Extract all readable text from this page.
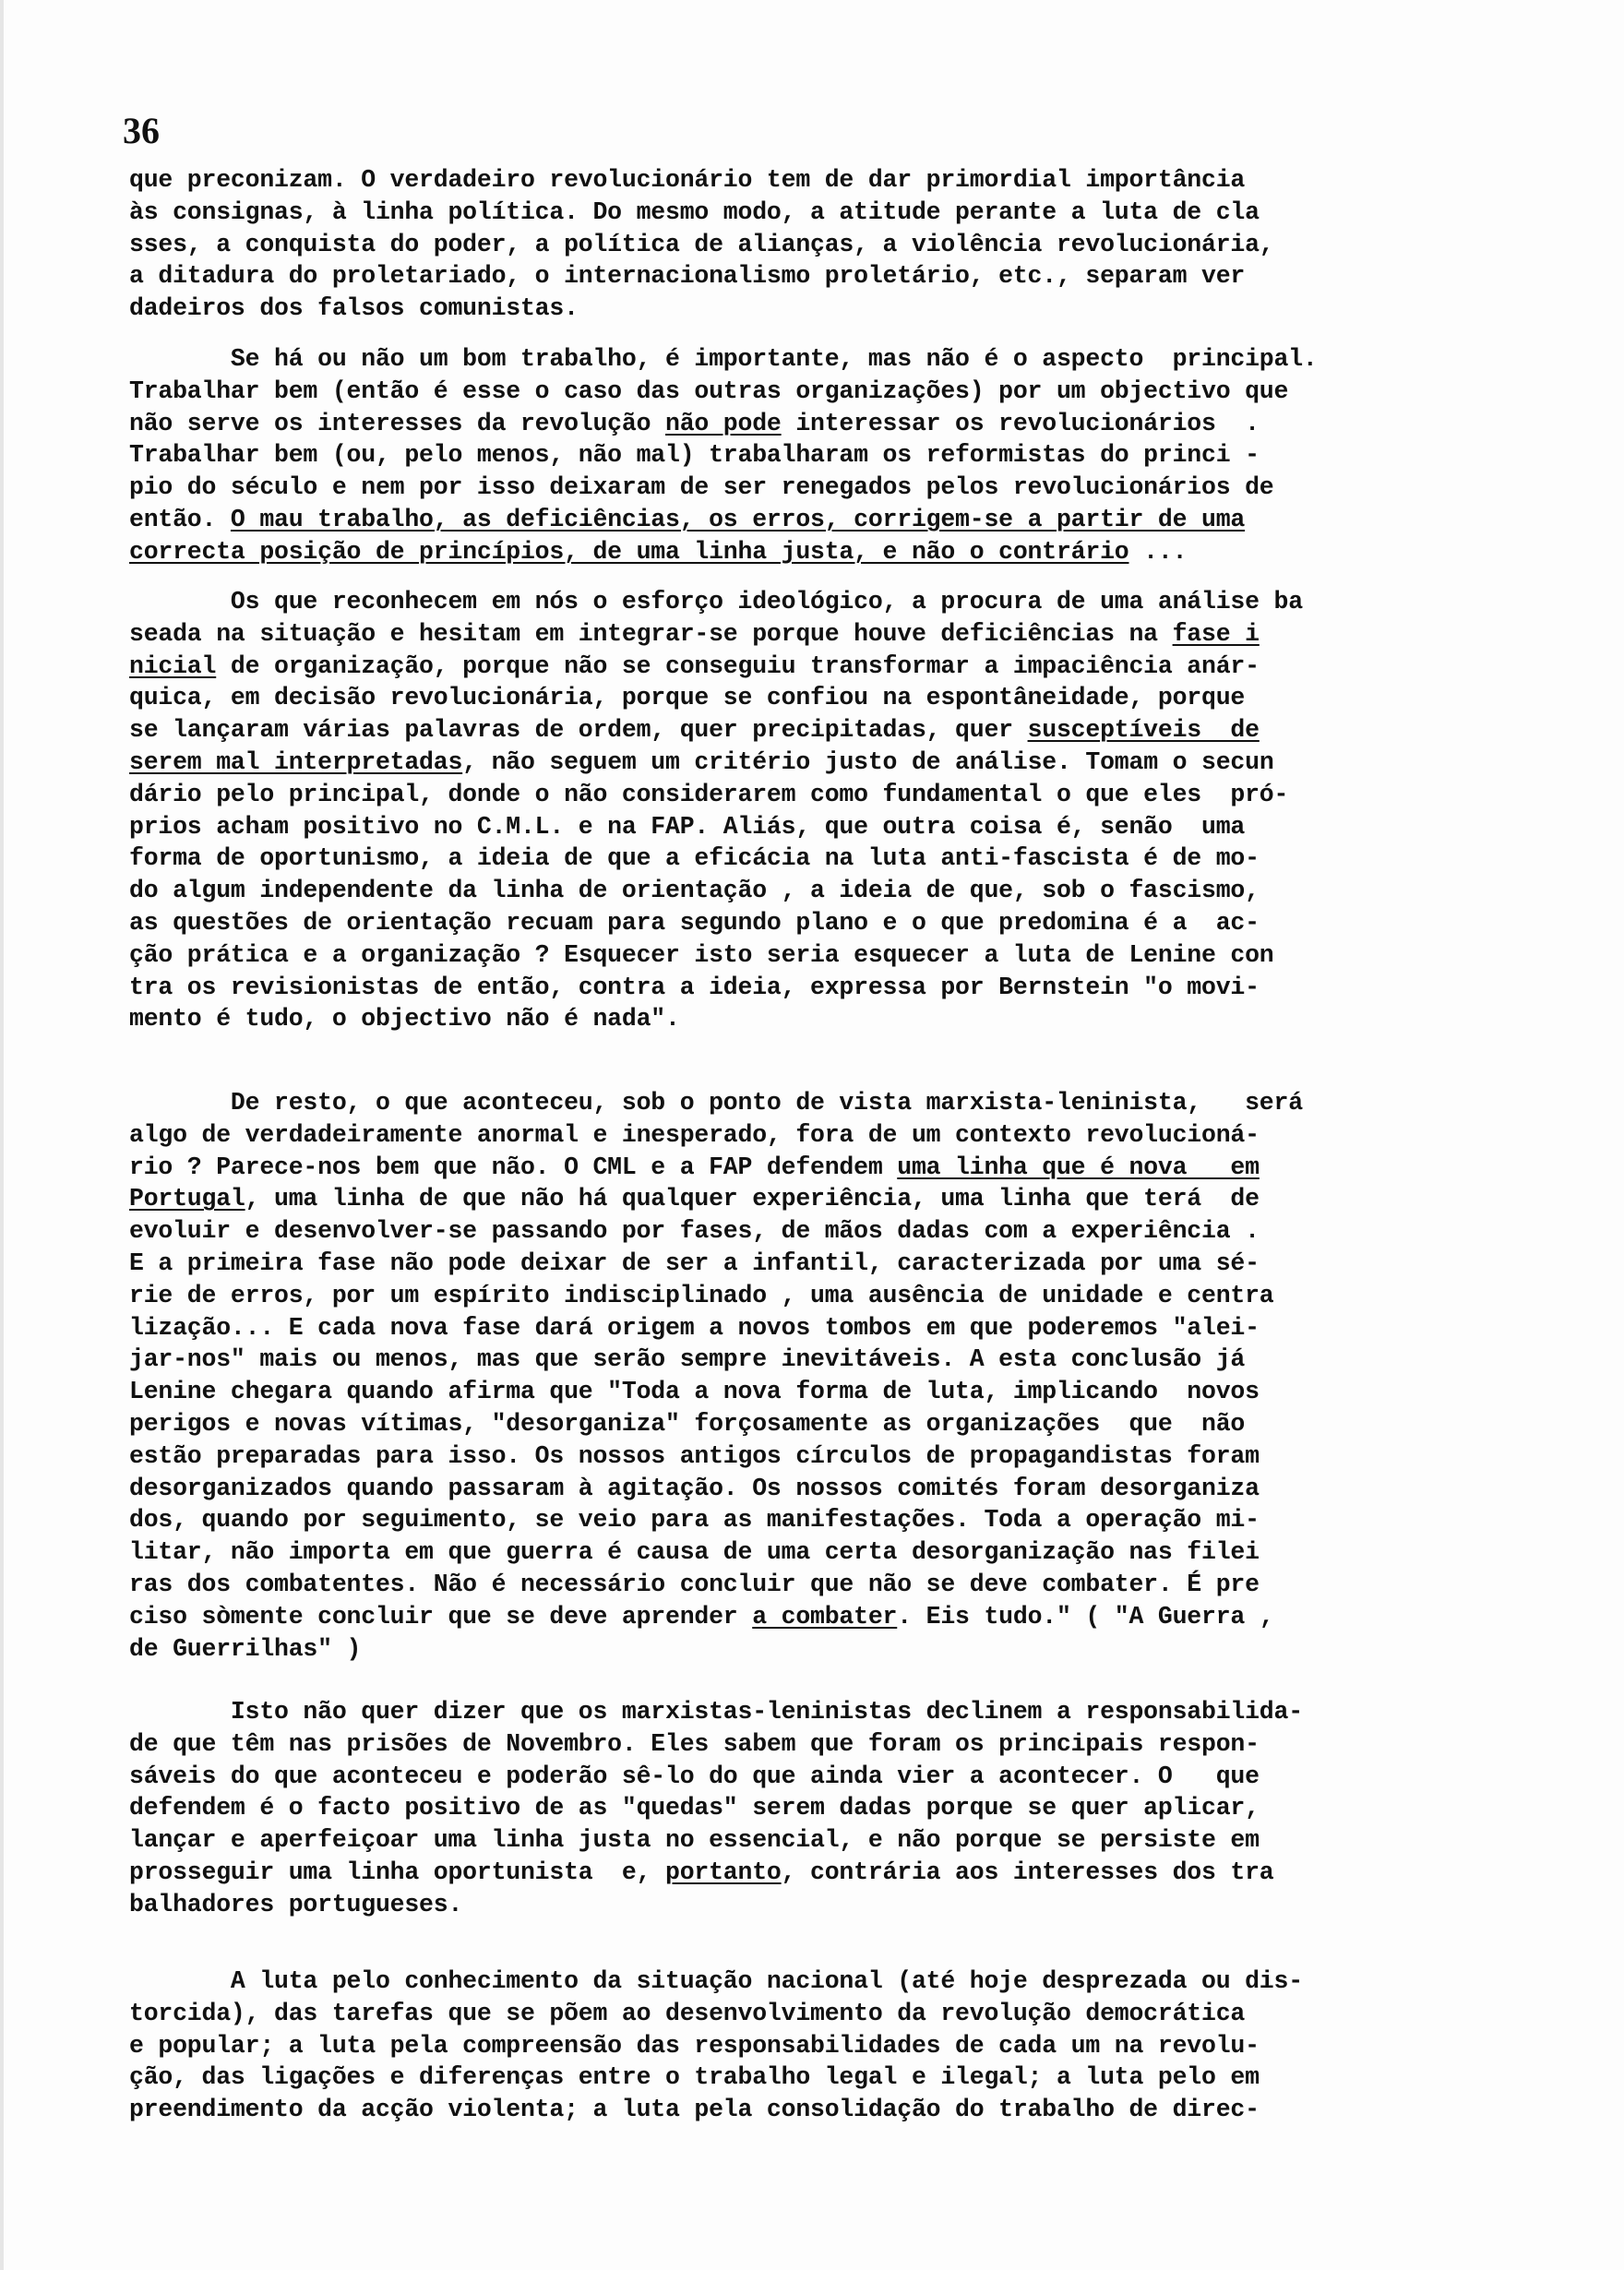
36
que preconizam. O verdadeiro revolucionário tem de dar primordial importância
às consignas, à linha política. Do mesmo modo, a atitude perante a luta de cla
sses, a conquista do poder, a política de alianças, a violência revolucionária,
a ditadura do proletariado, o internacionalismo proletário, etc., separam ver
dadeiros dos falsos comunistas.
Se há ou não um bom trabalho, é importante, mas não é o aspecto  principal.
Trabalhar bem (então é esse o caso das outras organizações) por um objectivo que
não serve os interesses da revolução não pode interessar os revolucionários  .
Trabalhar bem (ou, pelo menos, não mal) trabalharam os reformistas do princi -
pio do século e nem por isso deixaram de ser renegados pelos revolucionários de
então. O mau trabalho, as deficiências, os erros, corrigem-se a partir de uma
correcta posição de princípios, de uma linha justa, e não o contrário ...
Os que reconhecem em nós o esforço ideológico, a procura de uma análise ba
seada na situação e hesitam em integrar-se porque houve deficiências na fase i
nicial de organização, porque não se conseguiu transformar a impaciência anár-
quica, em decisão revolucionária, porque se confiou na espontâneidade, porque
se lançaram várias palavras de ordem, quer precipitadas, quer susceptíveis  de
serem mal interpretadas, não seguem um critério justo de análise. Tomam o secun
dário pelo principal, donde o não considerarem como fundamental o que eles  pró-
prios acham positivo no C.M.L. e na FAP. Aliás, que outra coisa é, senão  uma
forma de oportunismo, a ideia de que a eficácia na luta anti-fascista é de mo-
do algum independente da linha de orientação , a ideia de que, sob o fascismo,
as questões de orientação recuam para segundo plano e o que predomina é a  ac-
ção prática e a organização ? Esquecer isto seria esquecer a luta de Lenine con
tra os revisionistas de então, contra a ideia, expressa por Bernstein "o movi-
mento é tudo, o objectivo não é nada".
De resto, o que aconteceu, sob o ponto de vista marxista-leninista,   será
algo de verdadeiramente anormal e inesperado, fora de um contexto revolucioná-
rio ? Parece-nos bem que não. O CML e a FAP defendem uma linha que é nova   em
Portugal, uma linha de que não há qualquer experiência, uma linha que terá  de
evoluir e desenvolver-se passando por fases, de mãos dadas com a experiência .
E a primeira fase não pode deixar de ser a infantil, caracterizada por uma sé-
rie de erros, por um espírito indisciplinado , uma ausência de unidade e centra
lização... E cada nova fase dará origem a novos tombos em que poderemos "alei-
jar-nos" mais ou menos, mas que serão sempre inevitáveis. A esta conclusão já
Lenine chegara quando afirma que "Toda a nova forma de luta, implicando  novos
perigos e novas vítimas, "desorganiza" forçosamente as organizações  que  não
estão preparadas para isso. Os nossos antigos círculos de propagandistas foram
desorganizados quando passaram à agitação. Os nossos comités foram desorganiza
dos, quando por seguimento, se veio para as manifestações. Toda a operação mi-
litar, não importa em que guerra é causa de uma certa desorganização nas filei
ras dos combatentes. Não é necessário concluir que não se deve combater. É pre
ciso sòmente concluir que se deve aprender a combater. Eis tudo." ( "A Guerra ,
de Guerrilhas" )
Isto não quer dizer que os marxistas-leninistas declinem a responsabilida-
de que têm nas prisões de Novembro. Eles sabem que foram os principais respon-
sáveis do que aconteceu e poderão sê-lo do que ainda vier a acontecer. O   que
defendem é o facto positivo de as "quedas" serem dadas porque se quer aplicar,
lançar e aperfeiçoar uma linha justa no essencial, e não porque se persiste em
prosseguir uma linha oportunista  e, portanto, contrária aos interesses dos tra
balhadores portugueses.
A luta pelo conhecimento da situação nacional (até hoje desprezada ou dis-
torcida), das tarefas que se põem ao desenvolvimento da revolução democrática
e popular; a luta pela compreensão das responsabilidades de cada um na revolu-
ção, das ligações e diferenças entre o trabalho legal e ilegal; a luta pelo em
preendimento da acção violenta; a luta pela consolidação do trabalho de direc-
